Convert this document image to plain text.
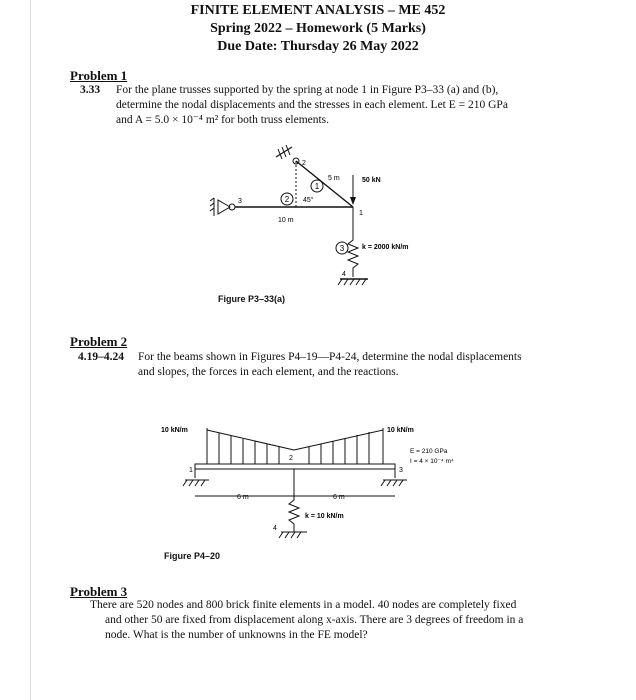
FINITE ELEMENT ANALYSIS – ME 452
Spring 2022 – Homework (5 Marks)
Due Date: Thursday 26 May 2022
Problem 1
3.33 For the plane trusses supported by the spring at node 1 in Figure P3–33 (a) and (b),
determine the nodal displacements and the stresses in each element. Let E = 210 GPa
and A = 5.0 × 10⁻⁴ m² for both truss elements.
1
2
3
2
3
1
4
5 m
10 m
45°
50 kN
k = 2000 kN/m
Figure P3–33(a)
Problem 2
4.19–4.24 For the beams shown in Figures P4–19—P4-24, determine the nodal displacements
and slopes, the forces in each element, and the reactions.
10 kN/m	10 kN/m
E = 210 GPa
I = 4 × 10⁻⁴ m⁴
6 m	6 m
k = 10 kN/m
1
2
3
4
Figure P4–20
Problem 3
There are 520 nodes and 800 brick finite elements in a model. 40 nodes are completely fixed
and other 50 are fixed from displacement along x-axis. There are 3 degrees of freedom in a
node. What is the number of unknowns in the FE model?
